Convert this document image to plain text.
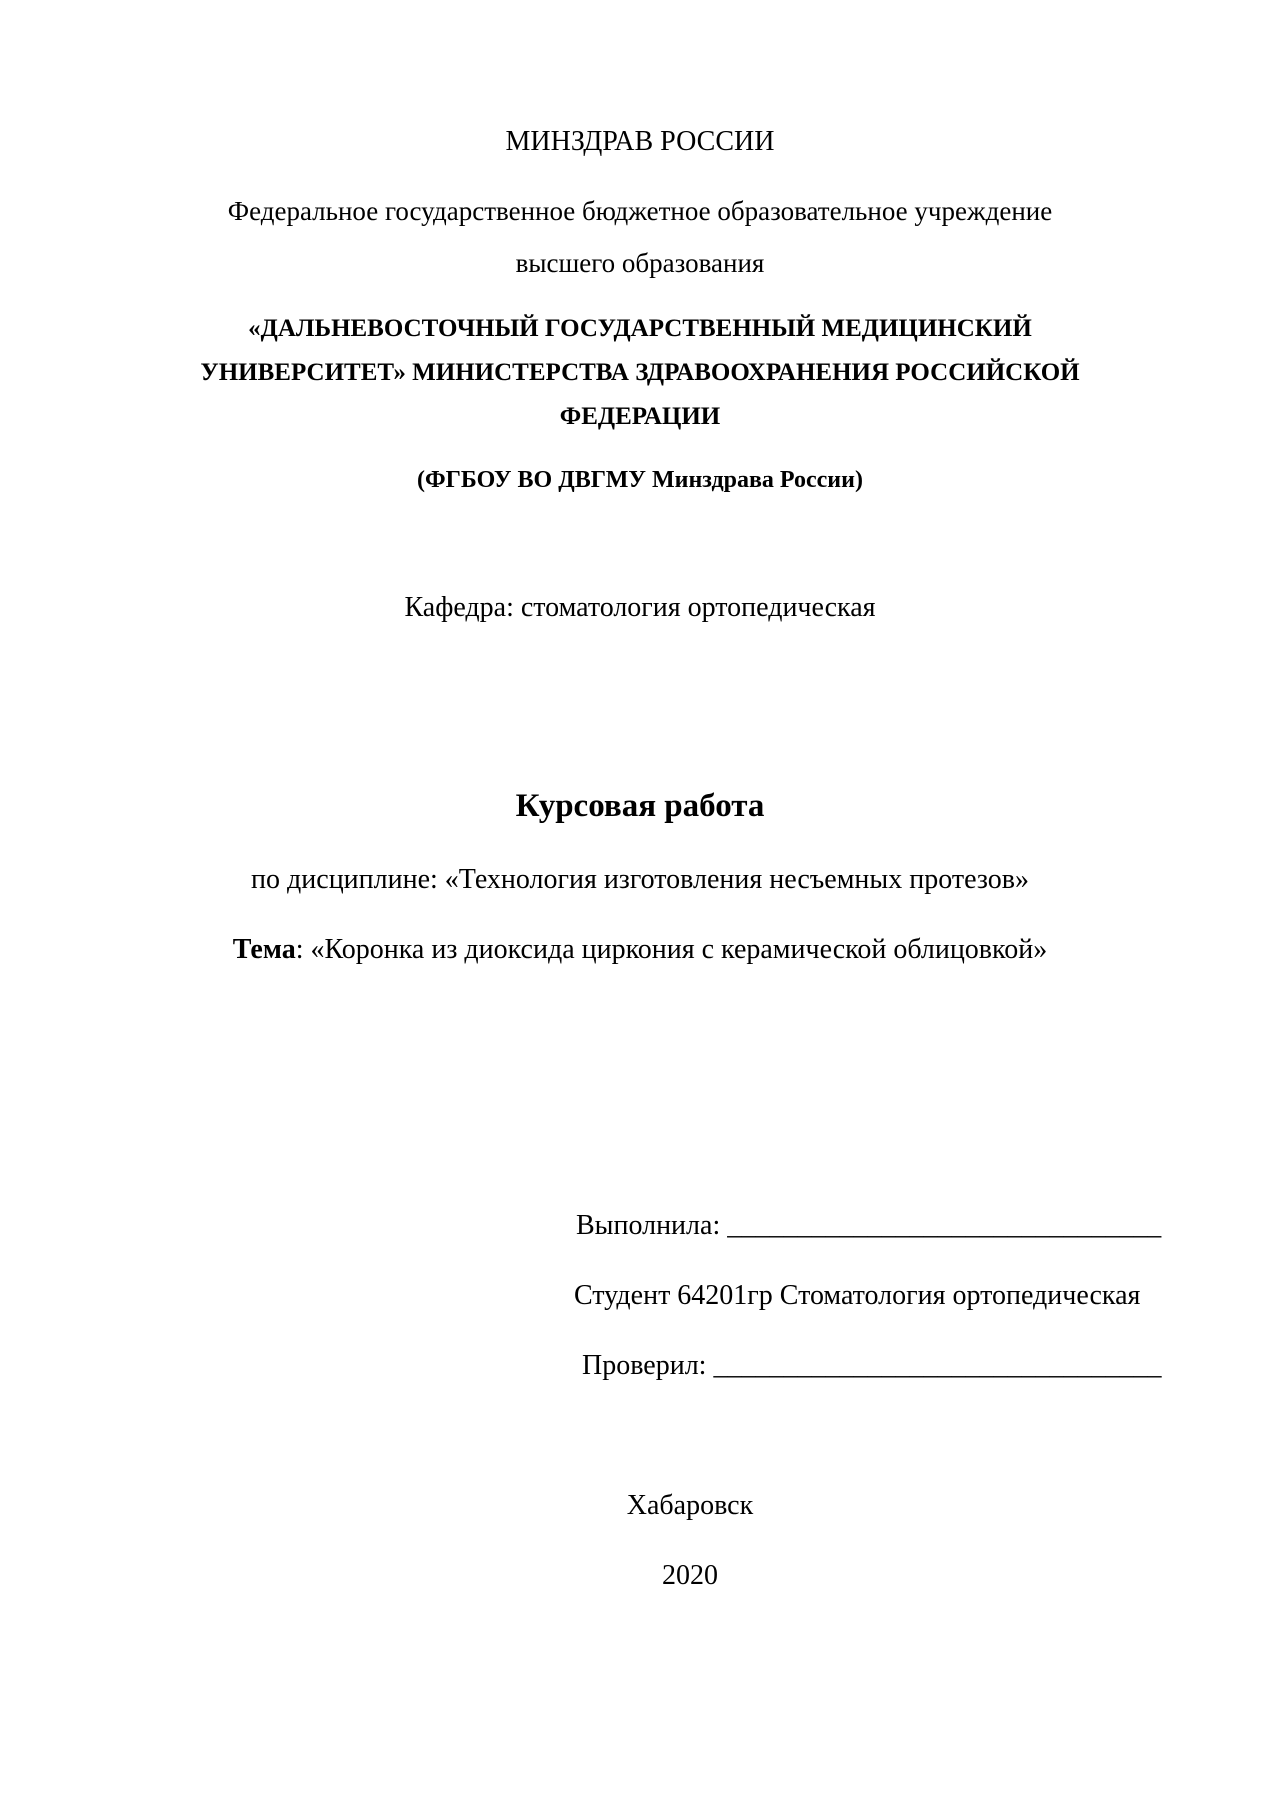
МИНЗДРАВ РОССИИ
Федеральное государственное бюджетное образовательное учреждение
высшего образования
«ДАЛЬНЕВОСТОЧНЫЙ ГОСУДАРСТВЕННЫЙ МЕДИЦИНСКИЙ
УНИВЕРСИТЕТ» МИНИСТЕРСТВА ЗДРАВООХРАНЕНИЯ РОССИЙСКОЙ
ФЕДЕРАЦИИ
(ФГБОУ ВО ДВГМУ Минздрава России)
Кафедра: стоматология ортопедическая
Курсовая работа
по дисциплине: «Технология изготовления несъемных протезов»
Тема: «Коронка из диоксида циркония с керамической облицовкой»
Выполнила: _______________________________
Студент 64201гр Стоматология ортопедическая
Проверил: ________________________________
Хабаровск
2020
